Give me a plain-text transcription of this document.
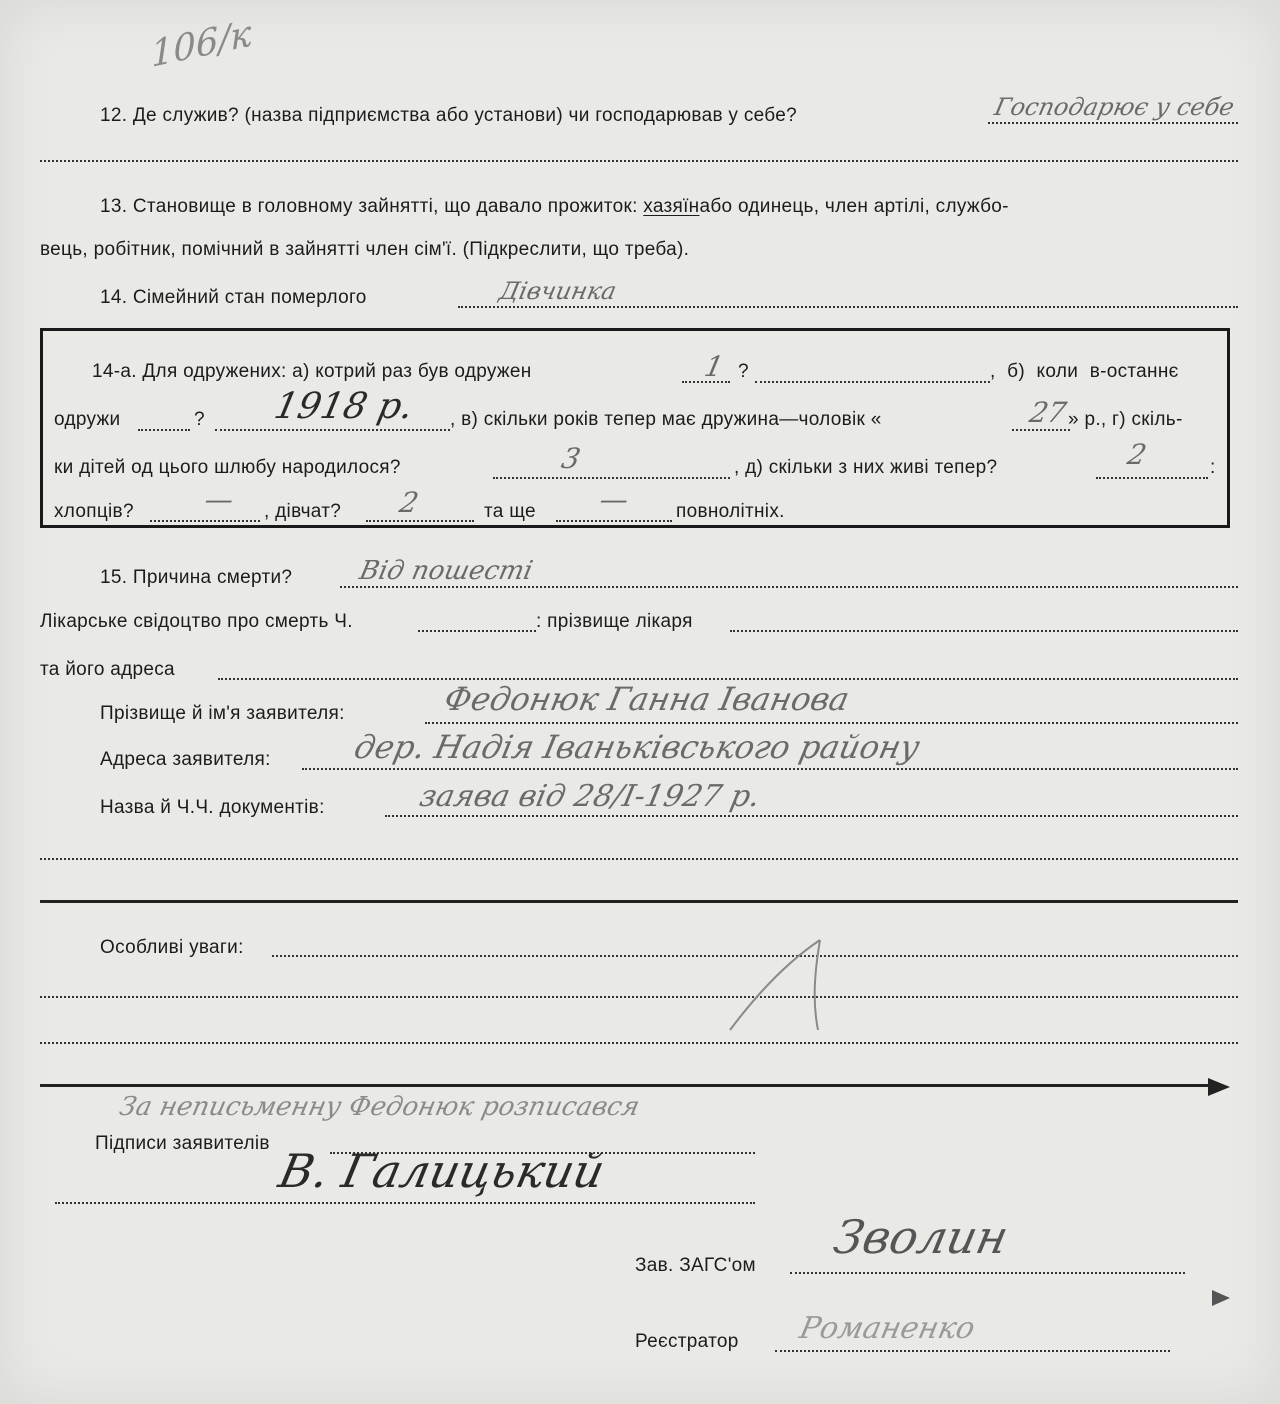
106/к
12. Де служив? (назва підприємства або установи) чи господарював у себе?	Господарює у себе
13. Становище в головному зайнятті, що давало прожиток: хазяїнабо одинець, член артілі, службо-
вець, робітник, помічний в зайнятті член сім'ї. (Підкреслити, що треба).
14. Сімейний стан померлого	Дівчинка
14-а. Для одружених: а) котрий раз був одружен	1 ?	, б) коли в-останнє
одружи	? 1918 р. , в) скільки років тепер має дружина—чоловік «	27
» р., г) скіль-
ки дітей од цього шлюбу народилося?	3	, д) скільки з них живі тепер?	2	:
хлопців? — , дівчат? 2	та ще — повнолітніх.
15. Причина смерти? Від пошесті
Лікарське свідоцтво про смерть Ч.	: прізвище лікаря
та його адреса
Прізвище й ім'я заявителя:	Федонюк Ганна Іванова
Адреса заявителя:	дер. Надія Іваньківського району
Назва й Ч.Ч. документів:	заява від 28/I-1927 р.
Особливі уваги:
За неписьменну Федонюк розписався
Підписи заявителів
В. Галицький
Зав. ЗАГС'ом
Зволин
Реєстратор Романенко
